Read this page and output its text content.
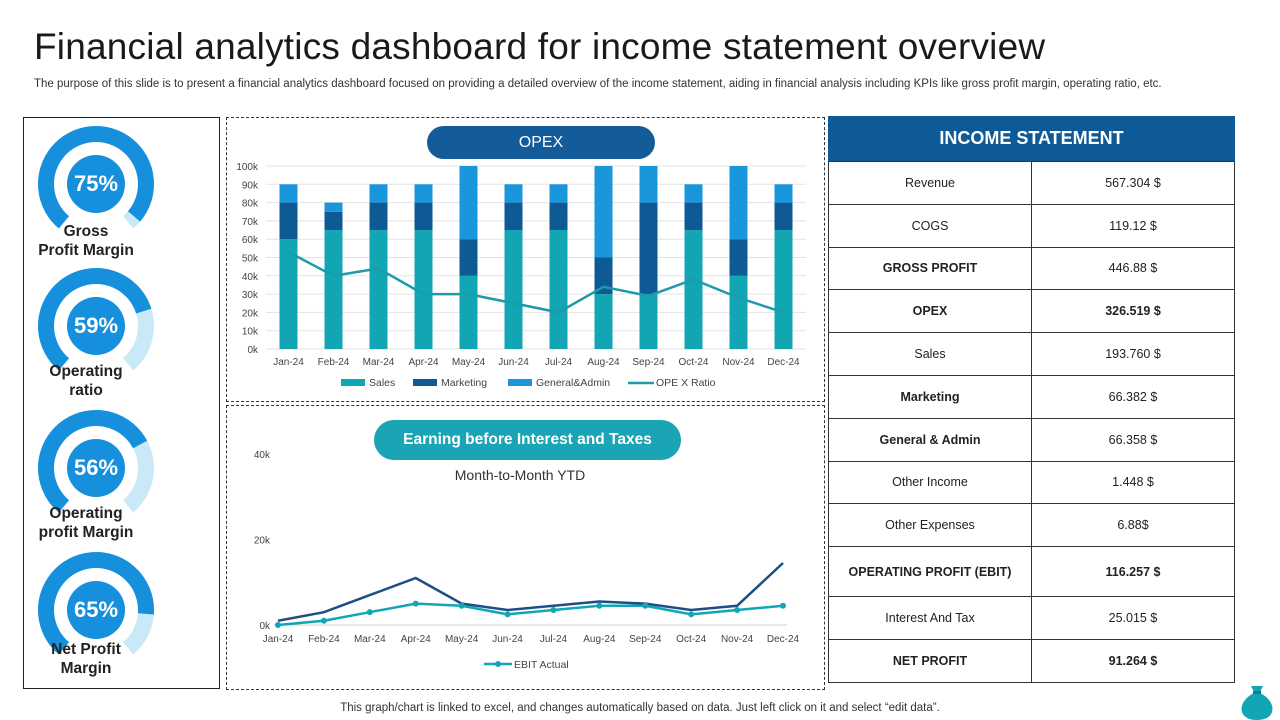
Financial analytics dashboard for income statement overview
The purpose of this slide is to present a financial analytics dashboard focused on providing a detailed overview of the income statement, aiding in financial analysis including KPIs like gross profit margin, operating ratio, etc.
75%
Gross
Profit Margin
59%
Operating
ratio
56%
Operating
profit Margin
65%
Net Profit
Margin
OPEX
0k
10k
20k
30k
40k
50k
60k
70k
80k
90k
100k
Jan-24 Feb-24 Mar-24 Apr-24 May-24 Jun-24 Jul-24 Aug-24 Sep-24 Oct-24 Nov-24 Dec-24
Sales	Marketing	General&Admin	OPE X Ratio
Earning before Interest and Taxes
Month-to-Month YTD
0k
20k
40k
Jan-24 Feb-24 Mar-24 Apr-24 May-24 Jun-24 Jul-24 Aug-24 Sep-24 Oct-24 Nov-24 Dec-24
EBIT Actual
INCOME STATEMENT
Revenue	567.304 $
COGS	119.12 $
GROSS PROFIT	446.88 $
OPEX	326.519 $
Sales	193.760 $
Marketing	66.382 $
General & Admin	66.358 $
Other Income	1.448 $
Other Expenses	6.88$
OPERATING PROFIT (EBIT)	116.257 $
Interest And Tax	25.015 $
NET PROFIT	91.264 $
This graph/chart is linked to excel, and changes automatically based on data. Just left click on it and select “edit data”.
